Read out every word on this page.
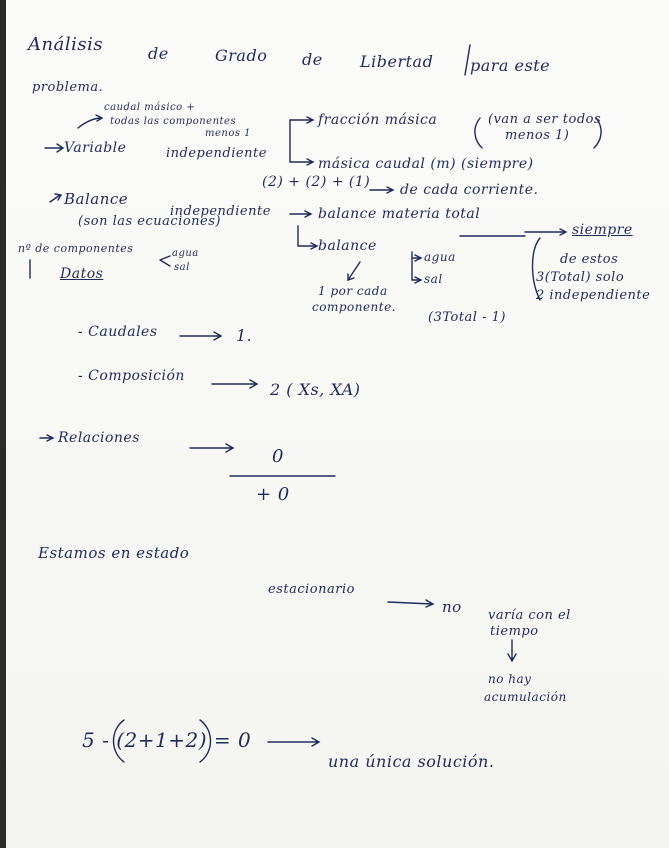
Análisis	de	Grado de Libertad para este
problema.
caudal másico +
todas las componentes
menos 1
Variable	independiente
fracción másica	(van a ser todos
menos 1)
másica caudal (m) (siempre)
(2) + (2) + (1) de cada corriente.
Balance
independiente
(son las ecuaciones)
nº de componentes	agua
sal
balance materia total
siempre
balance
agua
sal
1 por cada
componente.
de estos
3(Total) solo
2 independiente
(3Total - 1)
Datos
- Caudales	1.
- Composición
2 ( Xs, XA)
Relaciones
0
+ 0
Estamos en estado
estacionario
no varía con el
tiempo
no hay
acumulación
5 - (2+1+2) = 0
una única solución.
